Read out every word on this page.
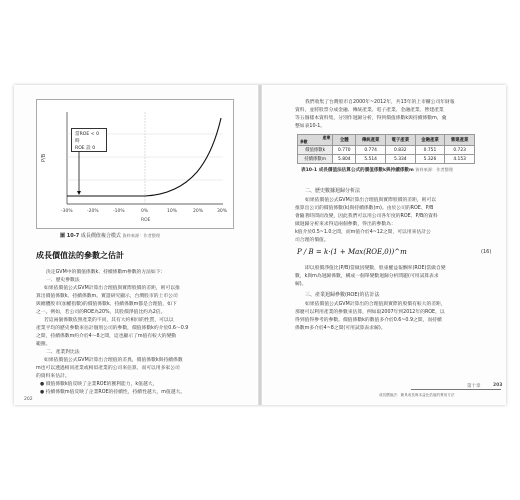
P/B
-30%	-20%	-10%	0%	10%	20%	30%
ROE
當ROE < 0 時
ROE 設 0
圖 10-7 成長價值複合模式 資料來源：作者整理
成長價值法的參數之估計
決定GVM中的價值係數k、持續係數m參數的方法如下：
一、歷史參數法
如果依價值公式GVM計算出合理值與實際股價的差距，則可以推
算出價值係數k、持續係數m。實證研究顯示，台灣股市的上市公司
與總體股市(加權指數)的價值係數k、持續係數m都是合理值，如下
之一。例如，若公司的ROE為20%，其股價淨值比約為2倍。
若這兩個係數依照產業的不同，其有大約相同的性質，可以以
產業平均的歷史參數來估計個別公司的參數，價值係數k約介於0.6～0.9
之間，持續係數m約介於4～8之間，這也顯示了m值有較大的變動
範圍。
二、產業對比法
如果依價值公式GVM計算出合理值的差異，價值係數k與持續係數
m也可以透過相同產業或相似產業的公司來估算，而可以用多家公司
的資料來估計。
● 價值係數k值反映了企業ROE的獲利能力，k值越大，
● 持續係數m值反映了企業ROE的持續性，持續性越大，m值越大。
202
我們收集了台灣股市自2000年~2012年，共13年的上市櫃公司年財報
資料，並將股票分成金融、傳統產業、電子產業、金融產業、營建產業
等五個樣本資料集，分別作迴歸分析，得到價值係數k與持續係數m，彙
整如表10-1。
產業
參數	全體	傳統產業	電子產業	金融產業	營建產業
價值係數k	0.770	0.774	0.832	0.751	0.723
持續係數m	5.804	5.514	5.334	5.326	4.153
表10-1 成長價值法估算公式的價值係數k與持續係數m 資料來源：作者整理
二、歷史數據迴歸分析法
如果依價值公式GVM計算出合理值與實際股價的差距，則可以
推算出公司的價值係數(k)與持續係數(m)。由於公司的ROE、P/B
會隨著時間而改變，因此我們可以用公司各年度的ROE、P/B的資料
做迴歸分析來求得這兩個參數，得出的參數為：
k值介於0.5~1.0之間，而m值介於4~12之間，可以用來估計公
司合理的價值。
P / B = k·(1 + Max(ROE,0))^m	(16)
即以股價淨值比(P/B)當做因變數，股東權益報酬率(ROE)當做自變
數，k與m為迴歸係數，構成一個單變數迴歸分析問題(可用試算表求
解)。
三、產業迴歸參數(ROE)的估計法
如果依價值公式GVM計算出的合理值與實際的股價有較大的差距，
那麼可以利用產業的參數來估算，例如取2007年到2012年的ROE，以
得到值得參考的參數。價值係數k的數值多介於0.6~0.9之間，而持續
係數m多介於4~8之間(可用試算表求解)。
第十章	203
成長價值法：兼具成長與本益比估值的實用方法
